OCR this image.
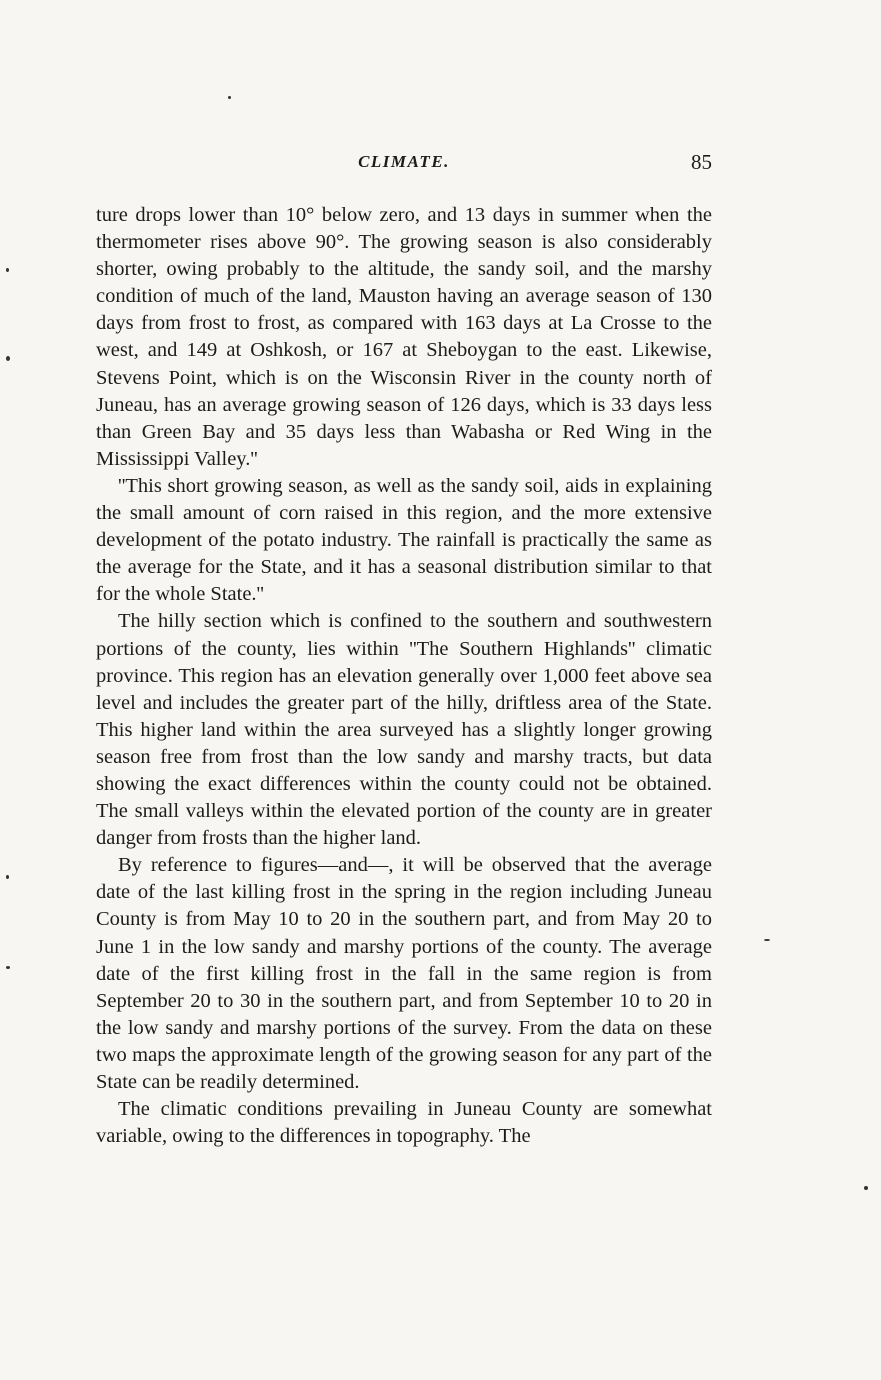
CLIMATE.	85

ture drops lower than 10° below zero, and 13 days in summer when the thermometer rises above 90°. The growing season is also considerably shorter, owing probably to the altitude, the sandy soil, and the marshy condition of much of the land, Mauston having an average season of 130 days from frost to frost, as compared with 163 days at La Crosse to the west, and 149 at Oshkosh, or 167 at Sheboygan to the east. Likewise, Stevens Point, which is on the Wisconsin River in the county north of Juneau, has an average growing season of 126 days, which is 33 days less than Green Bay and 35 days less than Wabasha or Red Wing in the Mississippi Valley.''

''This short growing season, as well as the sandy soil, aids in explaining the small amount of corn raised in this region, and the more extensive development of the potato industry. The rainfall is practically the same as the average for the State, and it has a seasonal distribution similar to that for the whole State.''

The hilly section which is confined to the southern and southwestern portions of the county, lies within ''The Southern Highlands'' climatic province. This region has an elevation generally over 1,000 feet above sea level and includes the greater part of the hilly, driftless area of the State. This higher land within the area surveyed has a slightly longer growing season free from frost than the low sandy and marshy tracts, but data showing the exact differences within the county could not be obtained. The small valleys within the elevated portion of the county are in greater danger from frosts than the higher land.

By reference to figures—and—, it will be observed that the average date of the last killing frost in the spring in the region including Juneau County is from May 10 to 20 in the southern part, and from May 20 to June 1 in the low sandy and marshy portions of the county. The average date of the first killing frost in the fall in the same region is from September 20 to 30 in the southern part, and from September 10 to 20 in the low sandy and marshy portions of the survey. From the data on these two maps the approximate length of the growing season for any part of the State can be readily determined.

The climatic conditions prevailing in Juneau County are somewhat variable, owing to the differences in topography. The
